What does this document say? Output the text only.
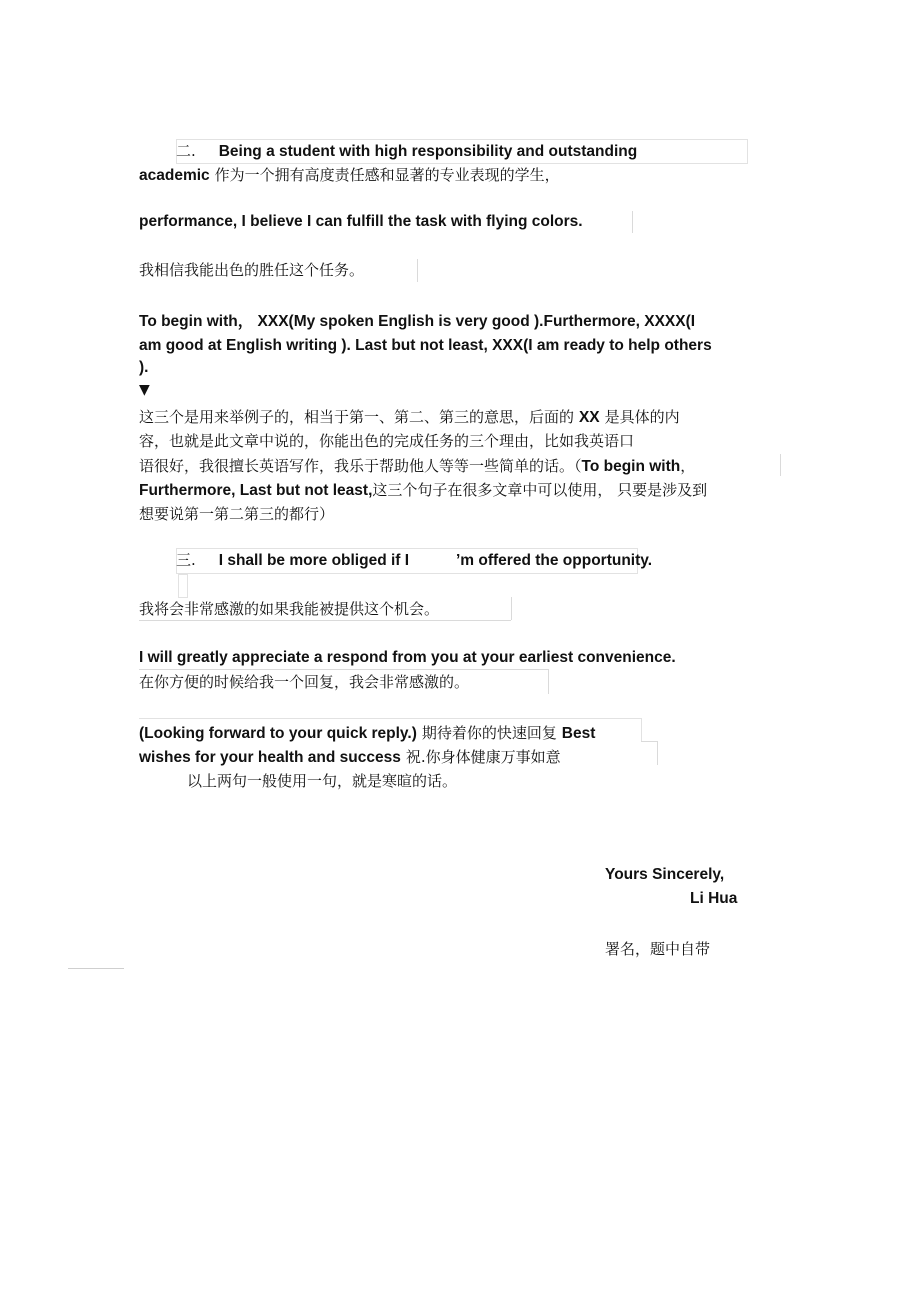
二. Being a student with high responsibility and outstanding
academic 作为一个拥有高度责任感和显著的专业表现的学生，
performance, I believe I can fulfill the task with flying colors.
我相信我能出色的胜任这个任务。
To begin with， XXX(My spoken English is very good ).Furthermore, XXXX(I
am good at English writing ). Last but not least, XXX(I am ready to help others
).
▼
这三个是用来举例子的，相当于第一、第二、第三的意思，后面的 XX 是具体的内
容，也就是此文章中说的，你能出色的完成任务的三个理由，比如我英语口
语很好，我很擅长英语写作，我乐于帮助他人等等一些简单的话。（To begin with，
Furthermore, Last but not least,这三个句子在很多文章中可以使用， 只要是涉及到
想要说第一第二第三的都行）
三. I shall be more obliged if I	’m offered the opportunity.
我将会非常感激的如果我能被提供这个机会。
I will greatly appreciate a respond from you at your earliest convenience.
在你方便的时候给我一个回复，我会非常感激的。
(Looking forward to your quick reply.) 期待着你的快速回复 Best
wishes for your health and success 祝.你身体健康万事如意
以上两句一般使用一句，就是寒暄的话。
Yours Sincerely,
Li Hua
署名，题中自带
